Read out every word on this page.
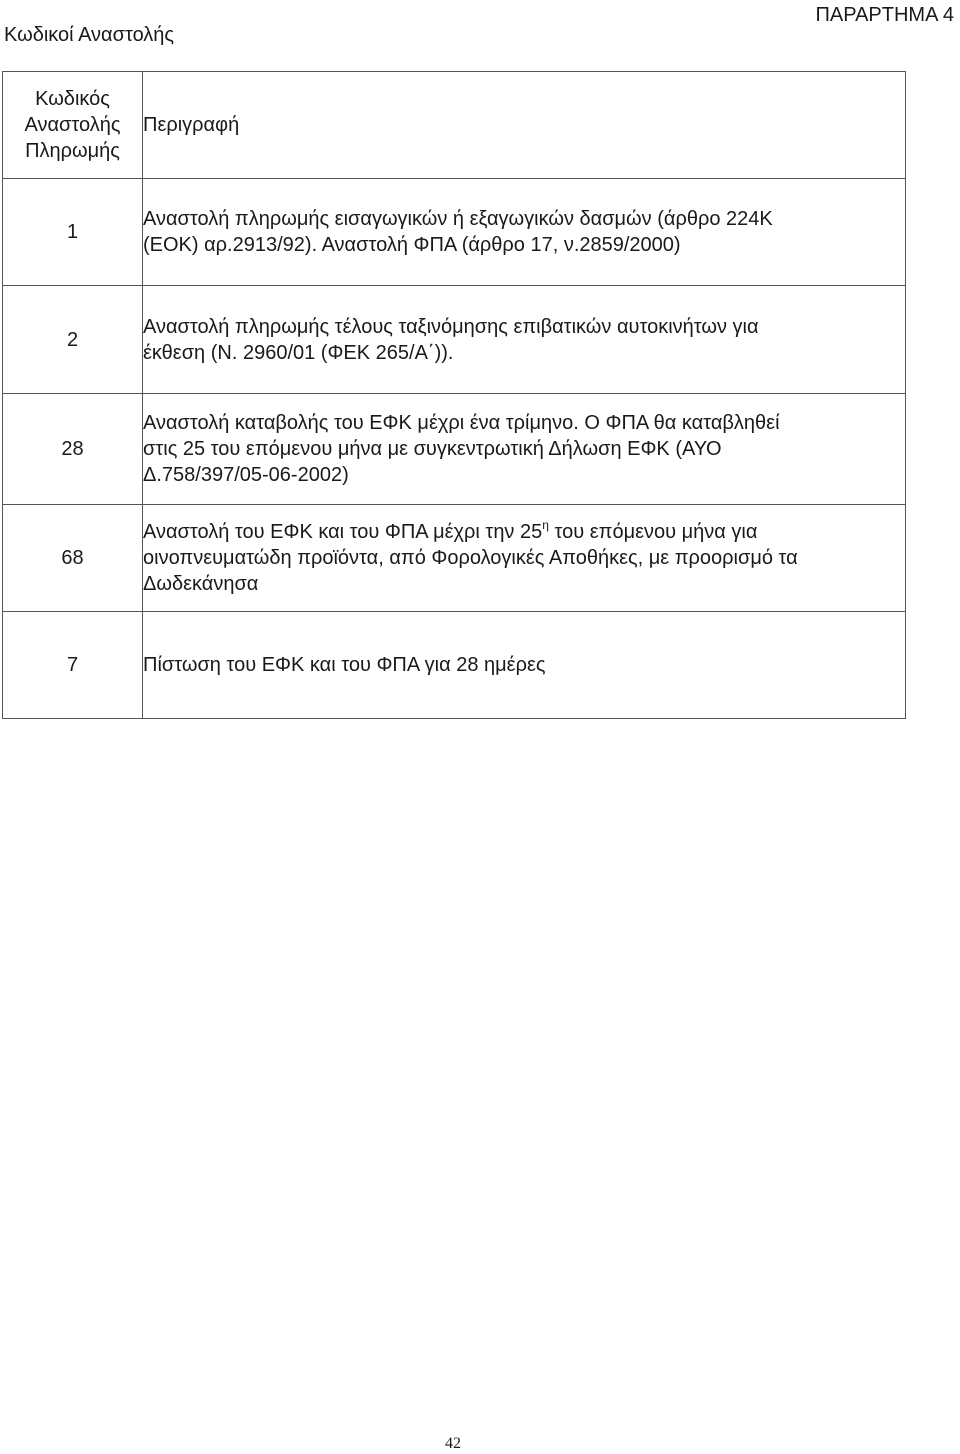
Κωδικοί Αναστολής
ΠΑΡΑΡΤΗΜΑ 4
Κωδικός
Αναστολής
Πληρωμής	Περιγραφή
1	Αναστολή πληρωμής εισαγωγικών ή εξαγωγικών δασμών (άρθρο 224Κ
(ΕΟΚ) αρ.2913/92). Αναστολή ΦΠΑ (άρθρο 17, ν.2859/2000)
2	Αναστολή πληρωμής τέλους ταξινόμησης επιβατικών αυτοκινήτων για
έκθεση (Ν. 2960/01 (ΦΕΚ 265/Α΄)).
28	Αναστολή καταβολής του ΕΦΚ μέχρι ένα τρίμηνο. Ο ΦΠΑ θα καταβληθεί
στις 25 του επόμενου μήνα με συγκεντρωτική Δήλωση ΕΦΚ (ΑΥΟ
Δ.758/397/05-06-2002)
68	Αναστολή του ΕΦΚ και του ΦΠΑ μέχρι την $25^\eta$ του επόμενου μήνα για
οινοπνευματώδη προϊόντα, από Φορολογικές Αποθήκες, με προορισμό τα
Δωδεκάνησα
7	Πίστωση του ΕΦΚ και του ΦΠΑ για 28 ημέρες
42
